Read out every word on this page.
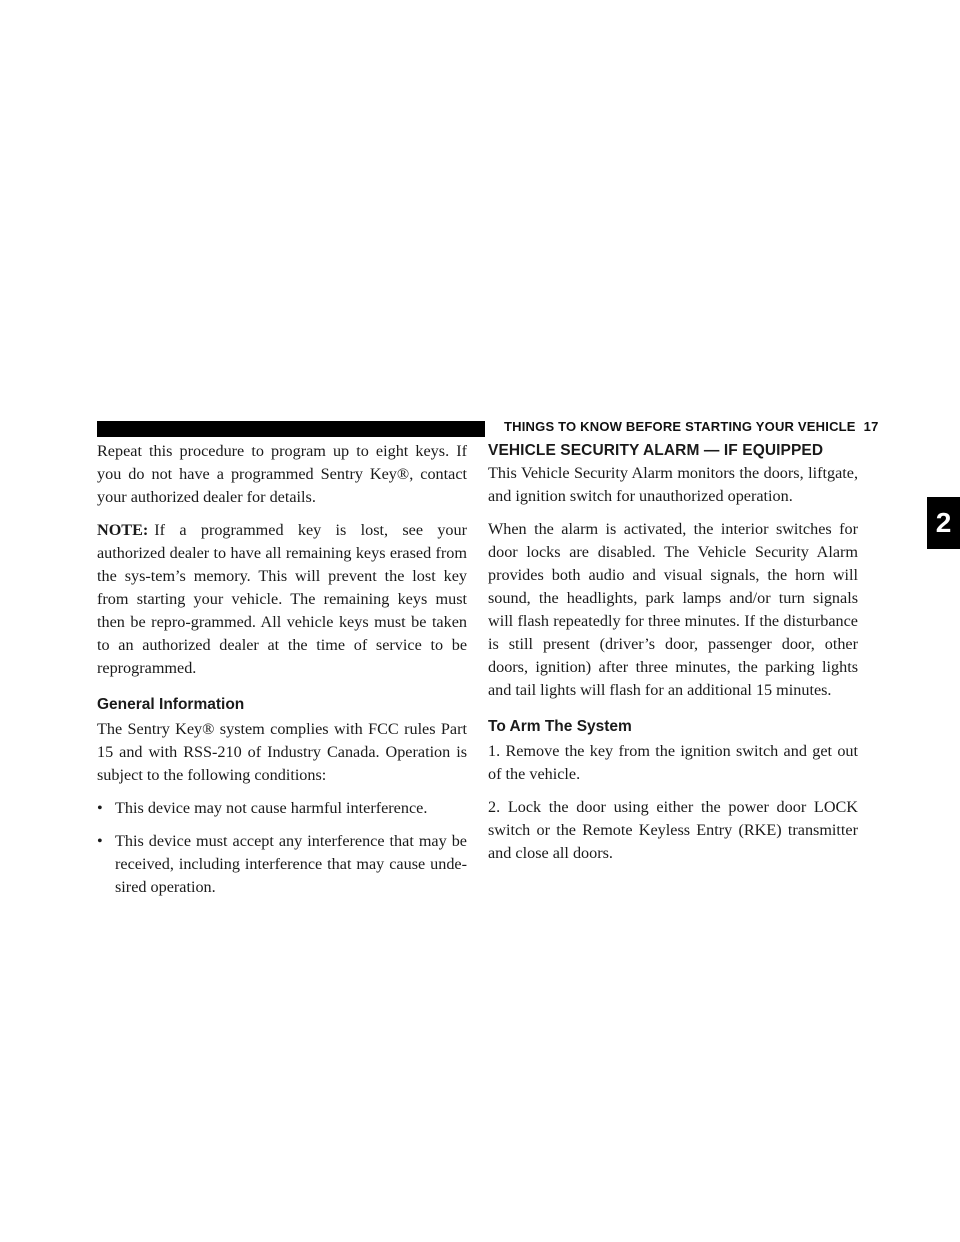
THINGS TO KNOW BEFORE STARTING YOUR VEHICLE 17
2

Repeat this procedure to program up to eight keys. If you do not have a programmed Sentry Key®, contact your authorized dealer for details.

NOTE: If a programmed key is lost, see your authorized dealer to have all remaining keys erased from the sys-tem’s memory. This will prevent the lost key from starting your vehicle. The remaining keys must then be repro-grammed. All vehicle keys must be taken to an authorized dealer at the time of service to be reprogrammed.

General Information

The Sentry Key® system complies with FCC rules Part 15 and with RSS-210 of Industry Canada. Operation is subject to the following conditions:

• This device may not cause harmful interference.
• This device must accept any interference that may be received, including interference that may cause unde-sired operation.
VEHICLE SECURITY ALARM — IF EQUIPPED

This Vehicle Security Alarm monitors the doors, liftgate, and ignition switch for unauthorized operation.

When the alarm is activated, the interior switches for door locks are disabled. The Vehicle Security Alarm provides both audio and visual signals, the horn will sound, the headlights, park lamps and/or turn signals will flash repeatedly for three minutes. If the disturbance is still present (driver’s door, passenger door, other doors, ignition) after three minutes, the parking lights and tail lights will flash for an additional 15 minutes.

To Arm The System

1. Remove the key from the ignition switch and get out of the vehicle.

2. Lock the door using either the power door LOCK switch or the Remote Keyless Entry (RKE) transmitter and close all doors.
